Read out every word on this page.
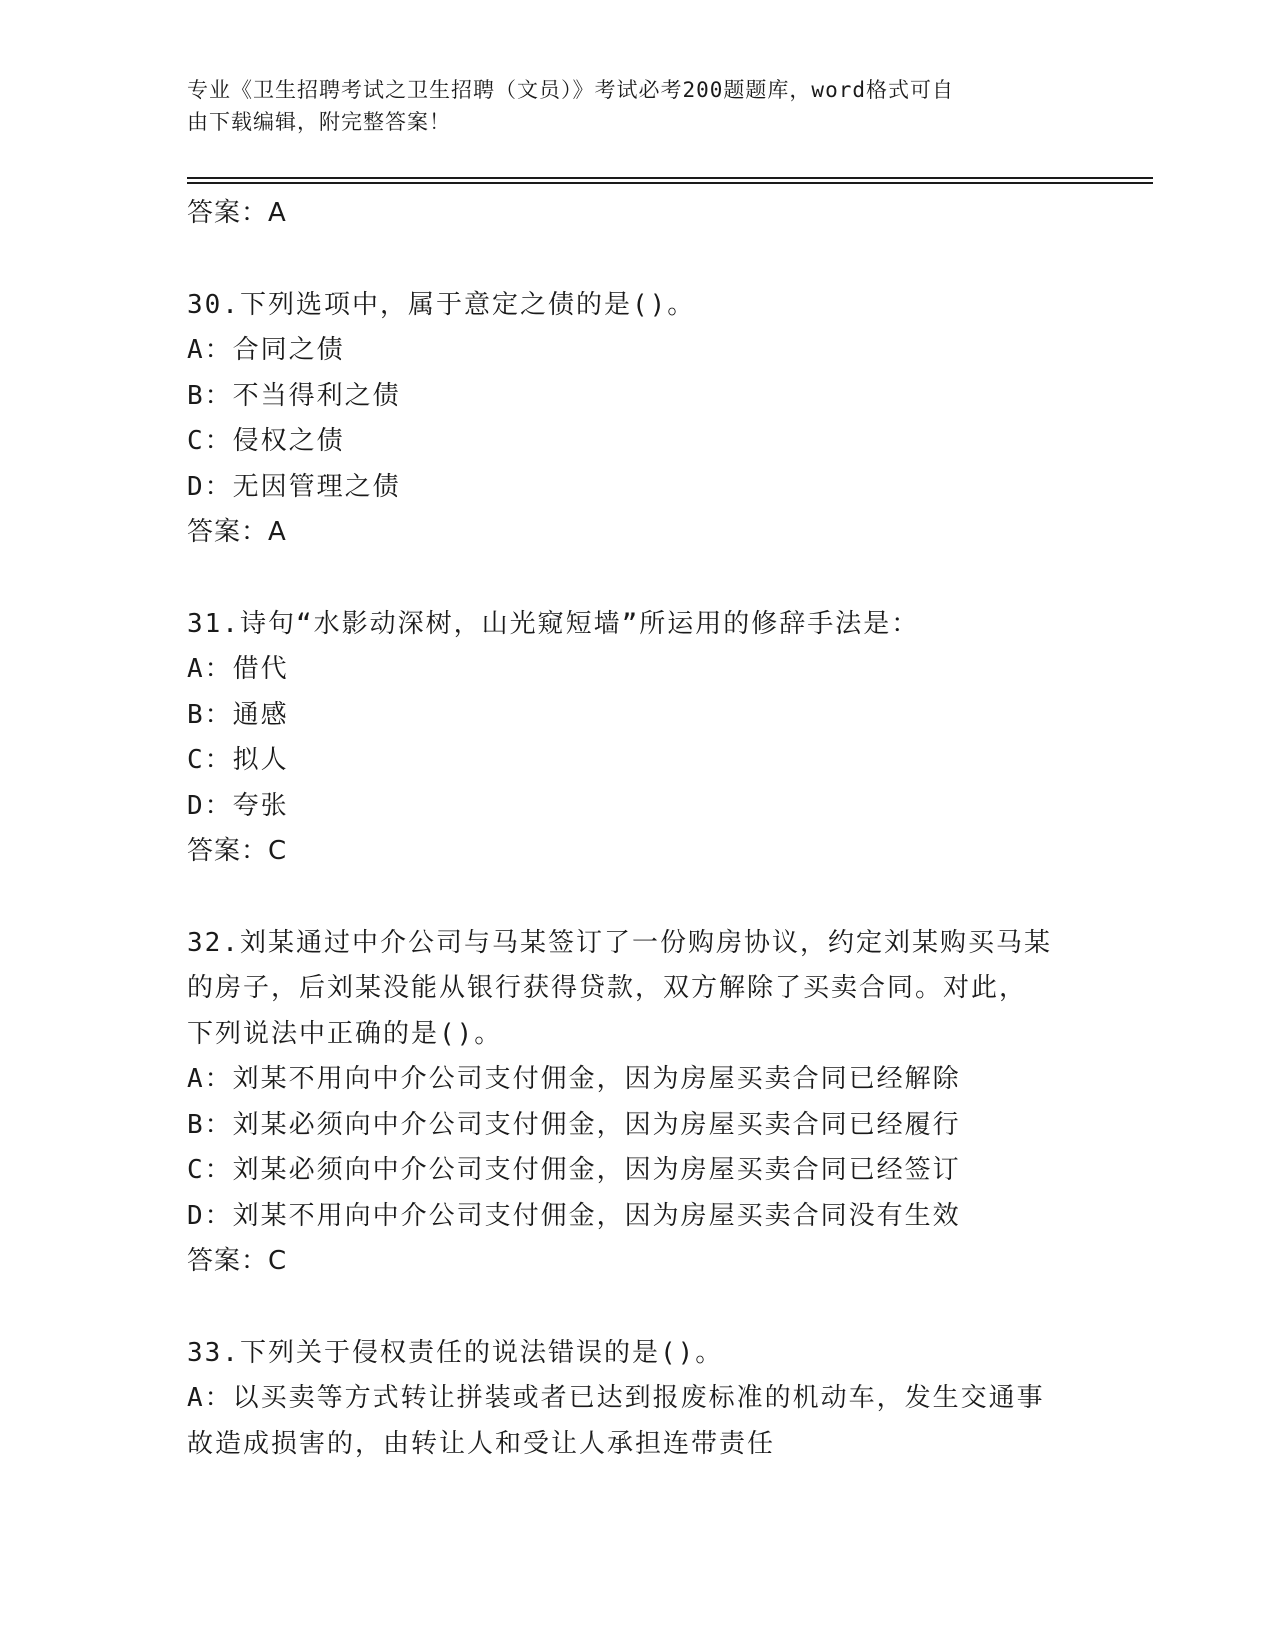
专业《卫生招聘考试之卫生招聘（文员）》考试必考200题题库，word格式可自
由下载编辑，附完整答案！
答案：A
30.下列选项中，属于意定之债的是()。
A：合同之债
B：不当得利之债
C：侵权之债
D：无因管理之债
答案：A
31.诗句“水影动深树，山光窥短墙”所运用的修辞手法是：
A：借代
B：通感
C：拟人
D：夸张
答案：C
32.刘某通过中介公司与马某签订了一份购房协议，约定刘某购买马某
的房子，后刘某没能从银行获得贷款，双方解除了买卖合同。对此，
下列说法中正确的是()。
A：刘某不用向中介公司支付佣金，因为房屋买卖合同已经解除
B：刘某必须向中介公司支付佣金，因为房屋买卖合同已经履行
C：刘某必须向中介公司支付佣金，因为房屋买卖合同已经签订
D：刘某不用向中介公司支付佣金，因为房屋买卖合同没有生效
答案：C
33.下列关于侵权责任的说法错误的是()。
A：以买卖等方式转让拼装或者已达到报废标准的机动车，发生交通事
故造成损害的，由转让人和受让人承担连带责任
